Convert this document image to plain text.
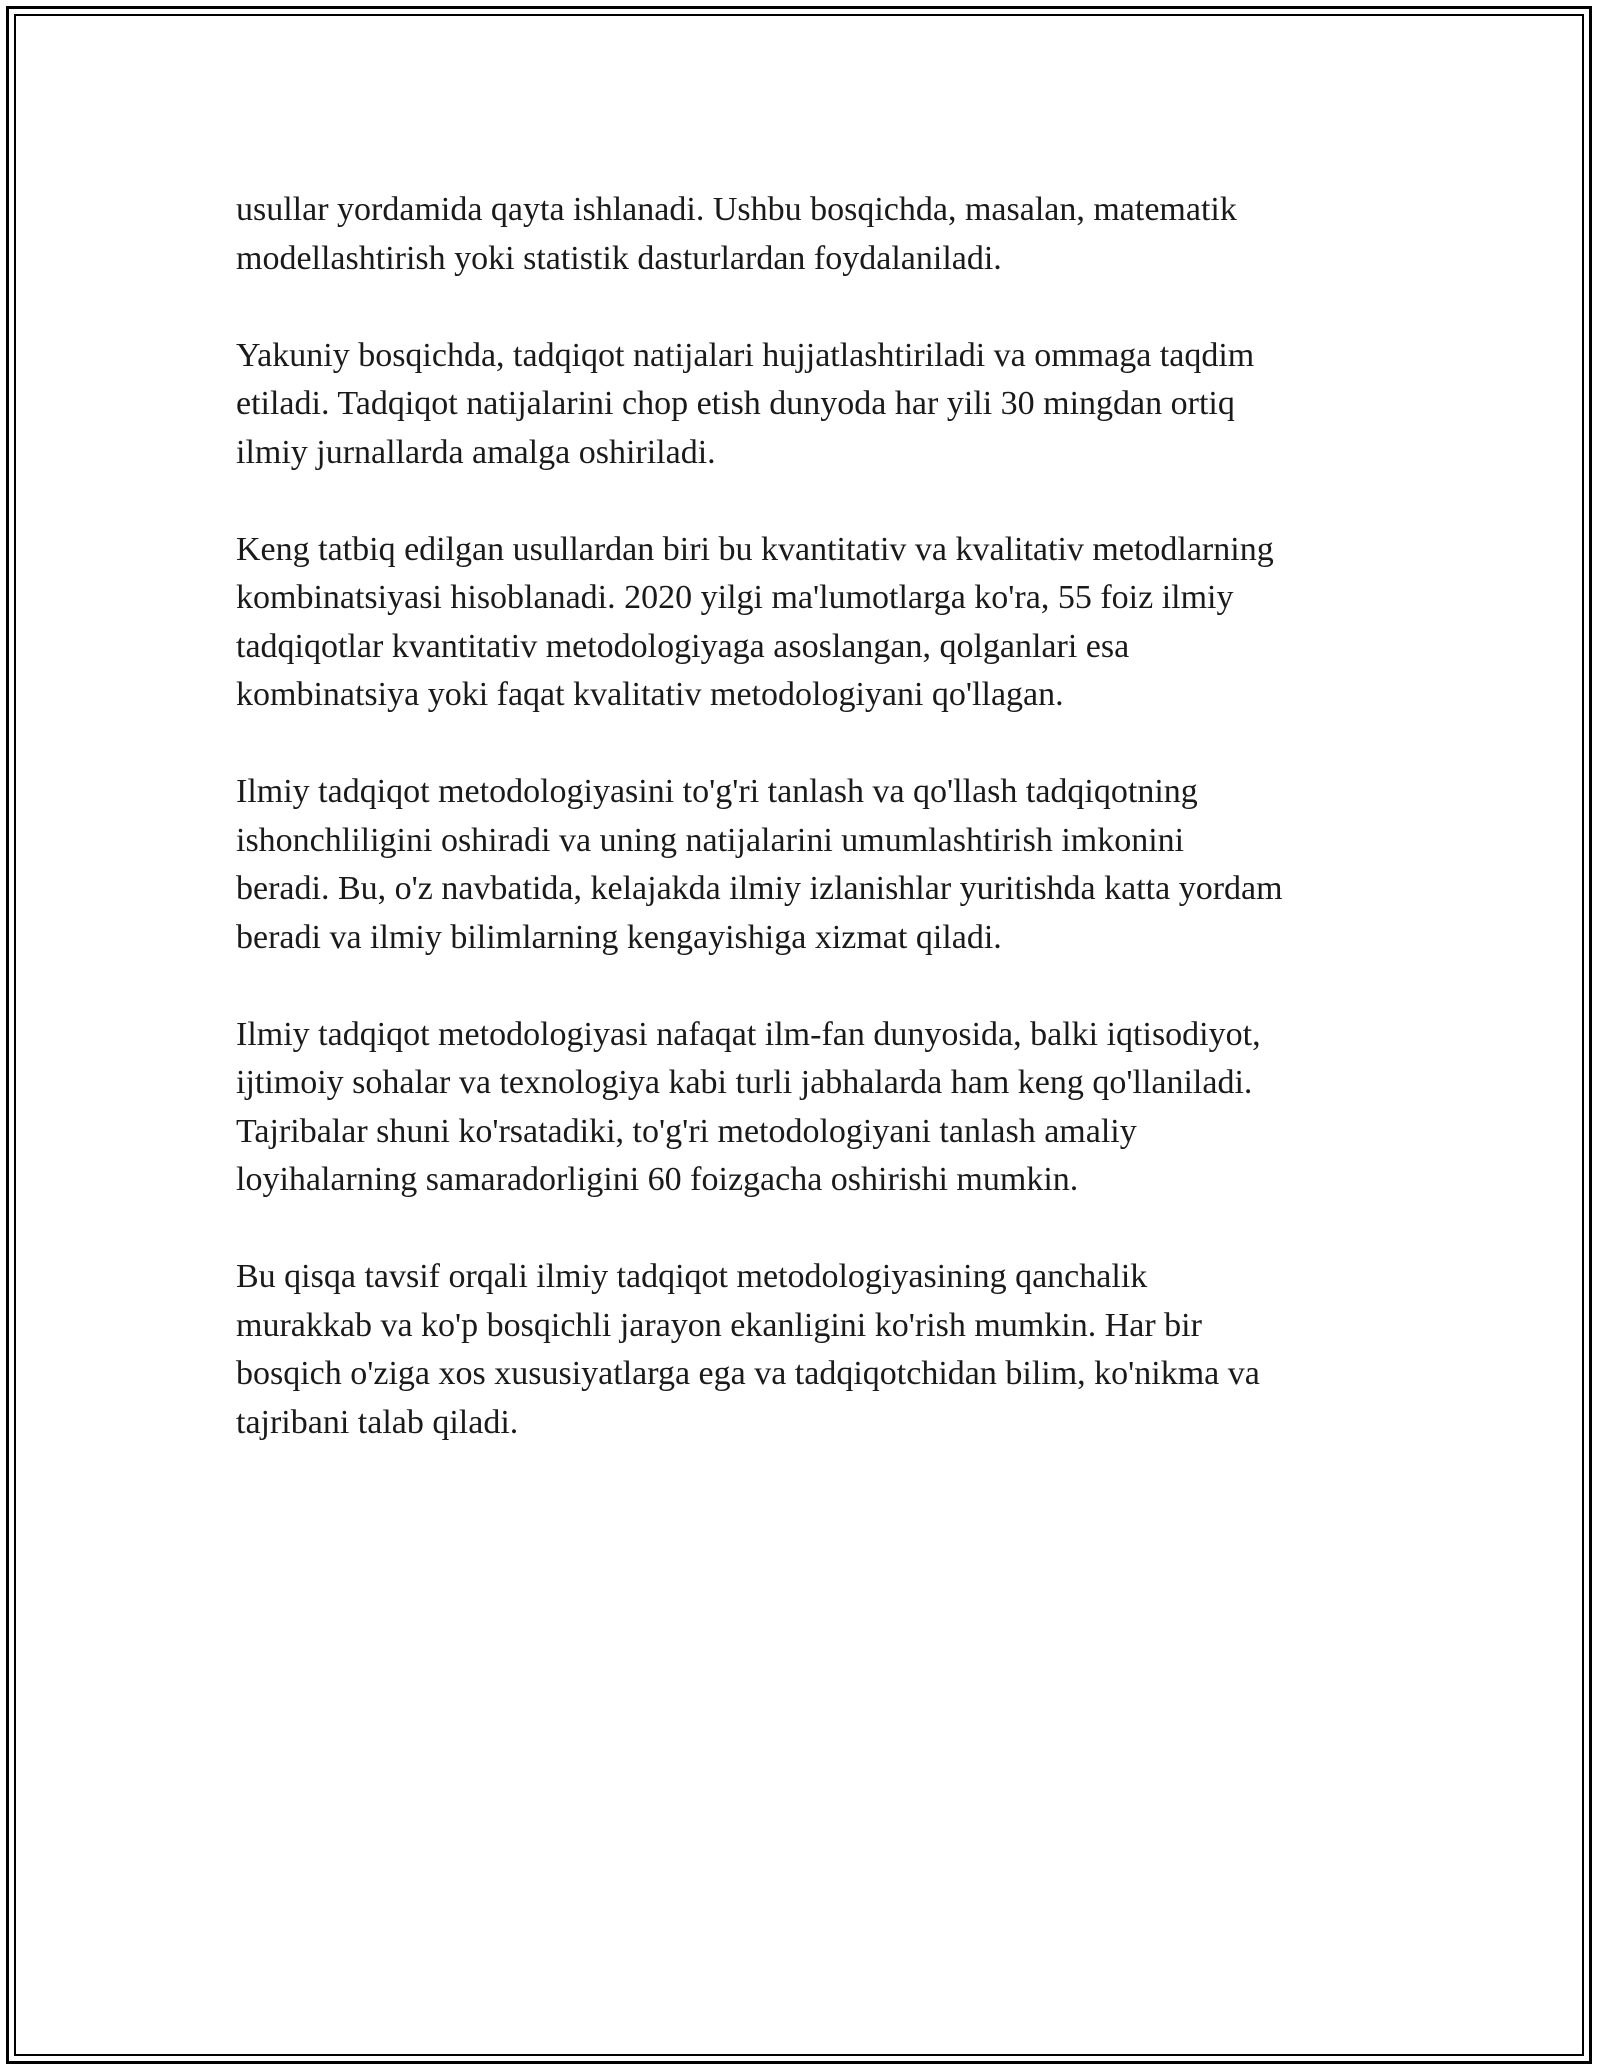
usullar yordamida qayta ishlanadi. Ushbu bosqichda, masalan, matematik
modellashtirish yoki statistik dasturlardan foydalaniladi.

Yakuniy bosqichda, tadqiqot natijalari hujjatlashtiriladi va ommaga taqdim
etiladi. Tadqiqot natijalarini chop etish dunyoda har yili 30 mingdan ortiq
ilmiy jurnallarda amalga oshiriladi.

Keng tatbiq edilgan usullardan biri bu kvantitativ va kvalitativ metodlarning
kombinatsiyasi hisoblanadi. 2020 yilgi ma'lumotlarga ko'ra, 55 foiz ilmiy
tadqiqotlar kvantitativ metodologiyaga asoslangan, qolganlari esa
kombinatsiya yoki faqat kvalitativ metodologiyani qo'llagan.

Ilmiy tadqiqot metodologiyasini to'g'ri tanlash va qo'llash tadqiqotning
ishonchliligini oshiradi va uning natijalarini umumlashtirish imkonini
beradi. Bu, o'z navbatida, kelajakda ilmiy izlanishlar yuritishda katta yordam
beradi va ilmiy bilimlarning kengayishiga xizmat qiladi.

Ilmiy tadqiqot metodologiyasi nafaqat ilm-fan dunyosida, balki iqtisodiyot,
ijtimoiy sohalar va texnologiya kabi turli jabhalarda ham keng qo'llaniladi.
Tajribalar shuni ko'rsatadiki, to'g'ri metodologiyani tanlash amaliy
loyihalarning samaradorligini 60 foizgacha oshirishi mumkin.

Bu qisqa tavsif orqali ilmiy tadqiqot metodologiyasining qanchalik
murakkab va ko'p bosqichli jarayon ekanligini ko'rish mumkin. Har bir
bosqich o'ziga xos xususiyatlarga ega va tadqiqotchidan bilim, ko'nikma va
tajribani talab qiladi.
